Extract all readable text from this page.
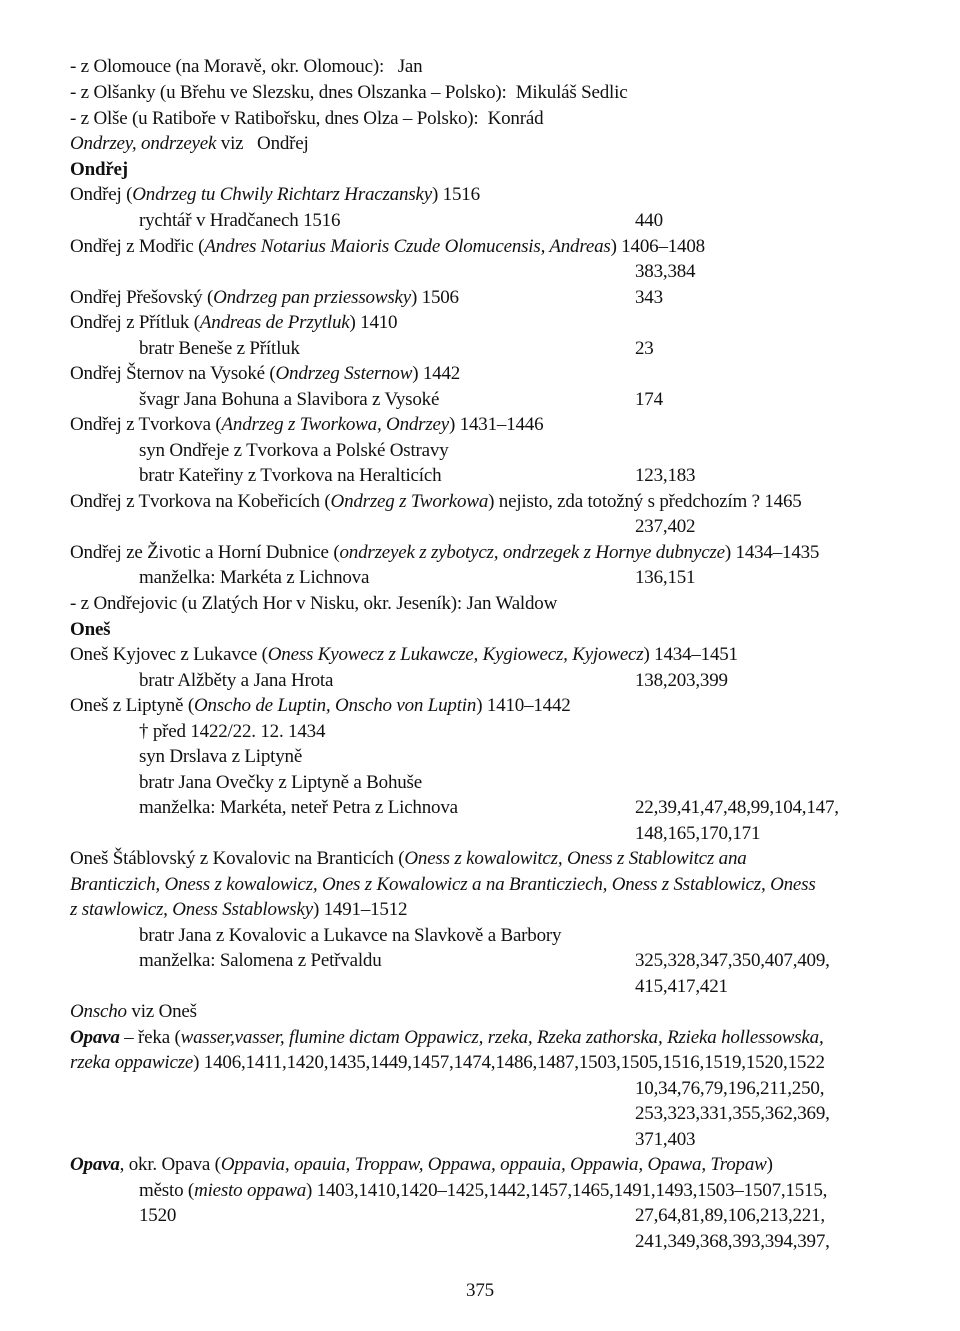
- z Olomouce (na Moravě, okr. Olomouc):   Jan
- z Olšanky (u Břehu ve Slezsku, dnes Olszanka – Polsko):  Mikuláš Sedlic
- z Olše (u Ratiboře v Ratibořsku, dnes Olza – Polsko):  Konrád
Ondrzey, ondrzeyek viz   Ondřej
Ondřej
Ondřej (Ondrzeg tu Chwily Richtarz Hraczansky) 1516
rychtář v Hradčanech 1516	440
Ondřej z Modřic (Andres Notarius Maioris Czude Olomucensis, Andreas) 1406–1408
383,384
Ondřej Přešovský (Ondrzeg pan prziessowsky) 1506	343
Ondřej z Přítluk (Andreas de Przytluk) 1410
bratr Beneše z Přítluk	23
Ondřej Šternov na Vysoké (Ondrzeg Ssternow) 1442
švagr Jana Bohuna a Slavibora z Vysoké	174
Ondřej z Tvorkova (Andrzeg z Tworkowa, Ondrzey) 1431–1446
syn Ondřeje z Tvorkova a Polské Ostravy
bratr Kateřiny z Tvorkova na Heralticích	123,183
Ondřej z Tvorkova na Kobeřicích (Ondrzeg z Tworkowa) nejisto, zda totožný s předchozím ? 1465
237,402
Ondřej ze Životic a Horní Dubnice (ondrzeyek z zybotycz, ondrzegek z Hornye dubnycze) 1434–1435
manželka: Markéta z Lichnova	136,151
- z Ondřejovic (u Zlatých Hor v Nisku, okr. Jeseník): Jan Waldow
Oneš
Oneš Kyjovec z Lukavce (Oness Kyowecz z Lukawcze, Kygiowecz, Kyjowecz) 1434–1451
bratr Alžběty a Jana Hrota	138,203,399
Oneš z Liptyně (Onscho de Luptin, Onscho von Luptin) 1410–1442
† před 1422/22. 12. 1434
syn Drslava z Liptyně
bratr Jana Ovečky z Liptyně a Bohuše
manželka: Markéta, neteř Petra z Lichnova	22,39,41,47,48,99,104,147,
148,165,170,171
Oneš Štáblovský z Kovalovic na Branticích (Oness z kowalowitcz, Oness z Stablowitcz ana
Branticzich, Oness z kowalowicz, Ones z Kowalowicz a na Branticziech, Oness z Sstablowicz, Oness
z stawlowicz, Oness Sstablowsky) 1491–1512
bratr Jana z Kovalovic a Lukavce na Slavkově a Barbory
manželka: Salomena z Petřvaldu	325,328,347,350,407,409,
415,417,421
Onscho viz Oneš
Opava – řeka (wasser,vasser, flumine dictam Oppawicz, rzeka, Rzeka zathorska, Rzieka hollessowska,
rzeka oppawicze) 1406,1411,1420,1435,1449,1457,1474,1486,1487,1503,1505,1516,1519,1520,1522
10,34,76,79,196,211,250,
253,323,331,355,362,369,
371,403
Opava, okr. Opava (Oppavia, opauia, Troppaw, Oppawa, oppauia, Oppawia, Opawa, Tropaw)
město (miesto oppawa) 1403,1410,1420–1425,1442,1457,1465,1491,1493,1503–1507,1515,
1520	27,64,81,89,106,213,221,
241,349,368,393,394,397,
375
